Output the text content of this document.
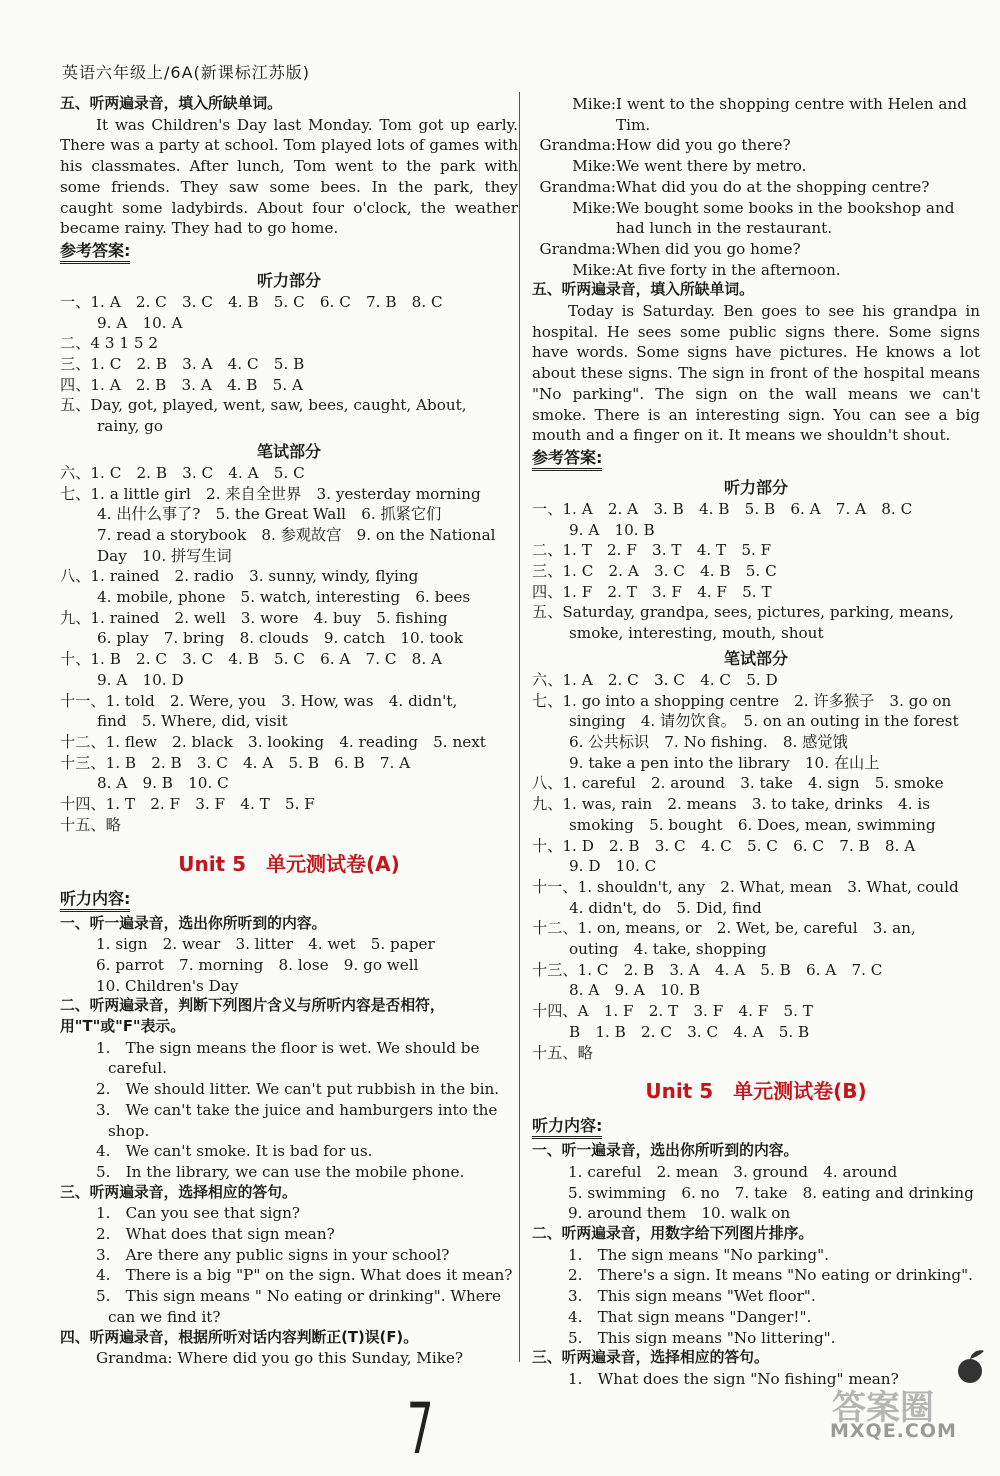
英语六年级上/6A(新课标江苏版)
五、听两遍录音，填入所缺单词。
It was Children's Day last Monday. Tom got up early. There was a party at school. Tom played lots of games with his classmates. After lunch, Tom went to the park with some friends. They saw some bees. In the park, they caught some ladybirds. About four o'clock, the weather became rainy. They had to go home.
参考答案:
听力部分
一、1. A　2. C　3. C　4. B　5. C　6. C　7. B　8. C
9. A　10. A
二、4 3 1 5 2
三、1. C　2. B　3. A　4. C　5. B
四、1. A　2. B　3. A　4. B　5. A
五、Day, got, played, went, saw, bees, caught, About,
rainy, go
笔试部分
六、1. C　2. B　3. C　4. A　5. C
七、1. a little girl　2. 来自全世界　3. yesterday morning
4. 出什么事了?　5. the Great Wall　6. 抓紧它们
7. read a storybook　8. 参观故宫　9. on the National
Day　10. 拼写生词
八、1. rained　2. radio　3. sunny, windy, flying
4. mobile, phone　5. watch, interesting　6. bees
九、1. rained　2. well　3. wore　4. buy　5. fishing
6. play　7. bring　8. clouds　9. catch　10. took
十、1. B　2. C　3. C　4. B　5. C　6. A　7. C　8. A
9. A　10. D
十一、1. told　2. Were, you　3. How, was　4. didn't,
find　5. Where, did, visit
十二、1. flew　2. black　3. looking　4. reading　5. next
十三、1. B　2. B　3. C　4. A　5. B　6. B　7. A
8. A　9. B　10. C
十四、1. T　2. F　3. F　4. T　5. F
十五、略
Unit 5　单元测试卷(A)
听力内容:
一、听一遍录音，选出你所听到的内容。
1. sign　2. wear　3. litter　4. wet　5. paper
6. parrot　7. morning　8. lose　9. go well
10. Children's Day
二、听两遍录音，判断下列图片含义与所听内容是否相符，
用"T"或"F"表示。
1.　The sign means the floor is wet. We should be
careful.
2.　We should litter. We can't put rubbish in the bin.
3.　We can't take the juice and hamburgers into the
shop.
4.　We can't smoke. It is bad for us.
5.　In the library, we can use the mobile phone.
三、听两遍录音，选择相应的答句。
1.　Can you see that sign?
2.　What does that sign mean?
3.　Are there any public signs in your school?
4.　There is a big "P" on the sign. What does it mean?
5.　This sign means " No eating or drinking". Where
can we find it?
四、听两遍录音，根据所听对话内容判断正(T)误(F)。
Grandma: Where did you go this Sunday, Mike?
Mike: I went to the shopping centre with Helen and Tim.
Grandma: How did you go there?
Mike: We went there by metro.
Grandma: What did you do at the shopping centre?
Mike: We bought some books in the bookshop and had lunch in the restaurant.
Grandma: When did you go home?
Mike: At five forty in the afternoon.
五、听两遍录音，填入所缺单词。
Today is Saturday. Ben goes to see his grandpa in hospital. He sees some public signs there. Some signs have words. Some signs have pictures. He knows a lot about these signs. The sign in front of the hospital means "No parking". The sign on the wall means we can't smoke. There is an interesting sign. You can see a big mouth and a finger on it. It means we shouldn't shout.
参考答案:
听力部分
一、1. A　2. A　3. B　4. B　5. B　6. A　7. A　8. C
9. A　10. B
二、1. T　2. F　3. T　4. T　5. F
三、1. C　2. A　3. C　4. B　5. C
四、1. F　2. T　3. F　4. F　5. T
五、Saturday, grandpa, sees, pictures, parking, means,
smoke, interesting, mouth, shout
笔试部分
六、1. A　2. C　3. C　4. C　5. D
七、1. go into a shopping centre　2. 许多猴子　3. go on
singing　4. 请勿饮食。　5. on an outing in the forest
6. 公共标识　7. No fishing.　8. 感觉饿
9. take a pen into the library　10. 在山上
八、1. careful　2. around　3. take　4. sign　5. smoke
九、1. was, rain　2. means　3. to take, drinks　4. is
smoking　5. bought　6. Does, mean, swimming
十、1. D　2. B　3. C　4. C　5. C　6. C　7. B　8. A
9. D　10. C
十一、1. shouldn't, any　2. What, mean　3. What, could
4. didn't, do　5. Did, find
十二、1. on, means, or　2. Wet, be, careful　3. an,
outing　4. take, shopping
十三、1. C　2. B　3. A　4. A　5. B　6. A　7. C
8. A　9. A　10. B
十四、A　1. F　2. T　3. F　4. F　5. T
B　1. B　2. C　3. C　4. A　5. B
十五、略
Unit 5　单元测试卷(B)
听力内容:
一、听一遍录音，选出你所听到的内容。
1. careful　2. mean　3. ground　4. around
5. swimming　6. no　7. take　8. eating and drinking
9. around them　10. walk on
二、听两遍录音，用数字给下列图片排序。
1.　The sign means "No parking".
2.　There's a sign. It means "No eating or drinking".
3.　This sign means "Wet floor".
4.　That sign means "Danger!".
5.　This sign means "No littering".
三、听两遍录音，选择相应的答句。
1.　What does the sign "No fishing" mean?
7	答案圈
MXQE.COM
